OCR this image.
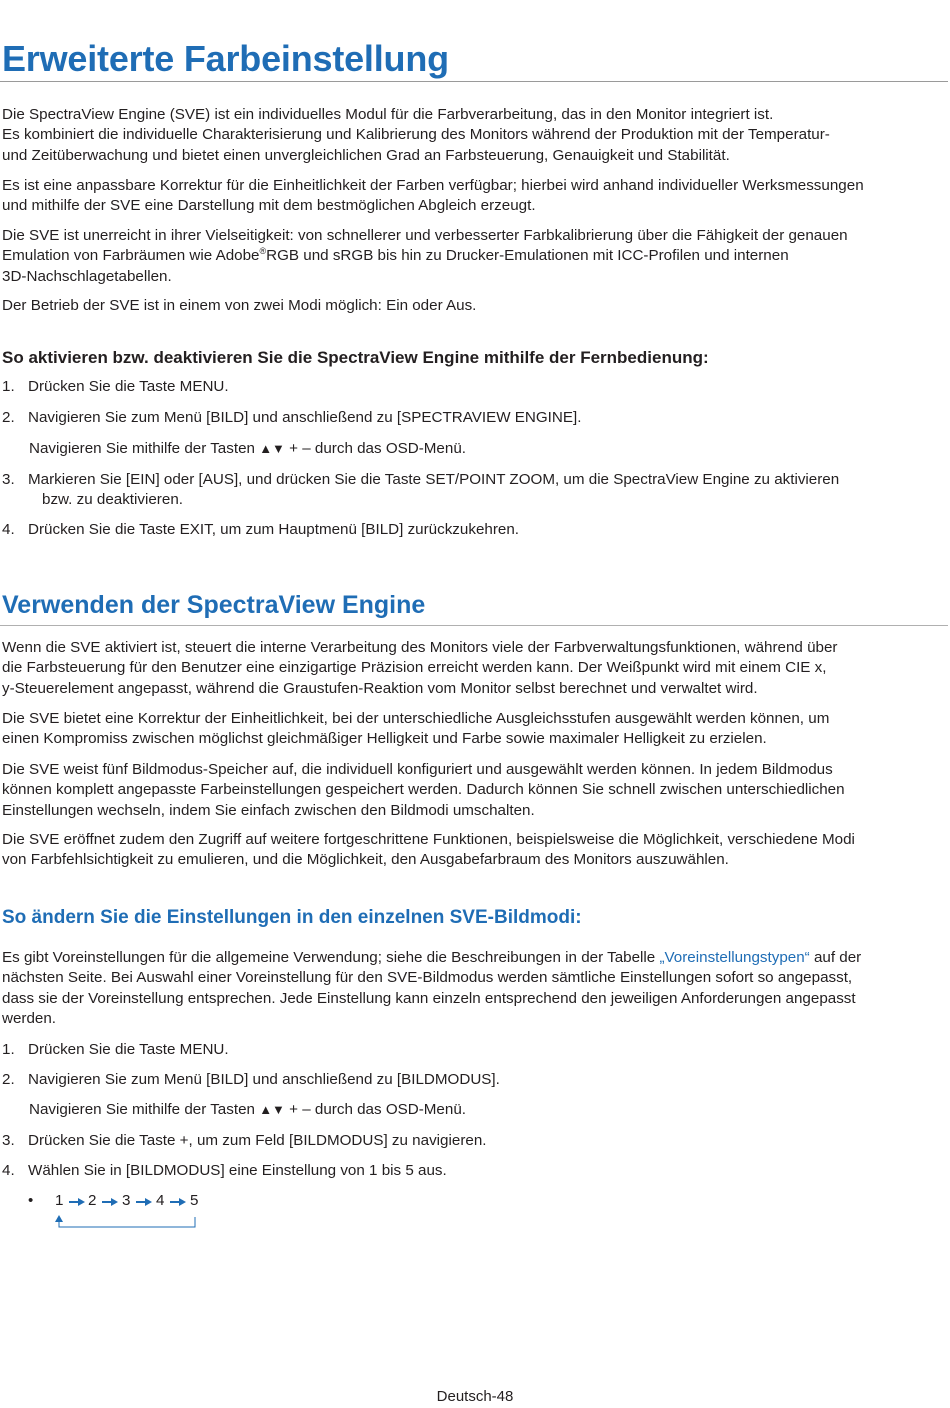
Erweiterte Farbeinstellung

Die SpectraView Engine (SVE) ist ein individuelles Modul für die Farbverarbeitung, das in den Monitor integriert ist.
Es kombiniert die individuelle Charakterisierung und Kalibrierung des Monitors während der Produktion mit der Temperatur-
und Zeitüberwachung und bietet einen unvergleichlichen Grad an Farbsteuerung, Genauigkeit und Stabilität.

Es ist eine anpassbare Korrektur für die Einheitlichkeit der Farben verfügbar; hierbei wird anhand individueller Werksmessungen
und mithilfe der SVE eine Darstellung mit dem bestmöglichen Abgleich erzeugt.

Die SVE ist unerreicht in ihrer Vielseitigkeit: von schnellerer und verbesserter Farbkalibrierung über die Fähigkeit der genauen
Emulation von Farbräumen wie Adobe®RGB und sRGB bis hin zu Drucker-Emulationen mit ICC-Profilen und internen
3D-Nachschlagetabellen.

Der Betrieb der SVE ist in einem von zwei Modi möglich: Ein oder Aus.

So aktivieren bzw. deaktivieren Sie die SpectraView Engine mithilfe der Fernbedienung:
1. Drücken Sie die Taste MENU.
2. Navigieren Sie zum Menü [BILD] und anschließend zu [SPECTRAVIEW ENGINE].

Navigieren Sie mithilfe der Tasten ▲▼ + – durch das OSD-Menü.

3. Markieren Sie [EIN] oder [AUS], und drücken Sie die Taste SET/POINT ZOOM, um die SpectraView Engine zu aktivieren
bzw. zu deaktivieren.
4. Drücken Sie die Taste EXIT, um zum Hauptmenü [BILD] zurückzukehren.
Verwenden der SpectraView Engine

Wenn die SVE aktiviert ist, steuert die interne Verarbeitung des Monitors viele der Farbverwaltungsfunktionen, während über
die Farbsteuerung für den Benutzer eine einzigartige Präzision erreicht werden kann. Der Weißpunkt wird mit einem CIE x,
y-Steuerelement angepasst, während die Graustufen-Reaktion vom Monitor selbst berechnet und verwaltet wird.

Die SVE bietet eine Korrektur der Einheitlichkeit, bei der unterschiedliche Ausgleichsstufen ausgewählt werden können, um
einen Kompromiss zwischen möglichst gleichmäßiger Helligkeit und Farbe sowie maximaler Helligkeit zu erzielen.

Die SVE weist fünf Bildmodus-Speicher auf, die individuell konfiguriert und ausgewählt werden können. In jedem Bildmodus
können komplett angepasste Farbeinstellungen gespeichert werden. Dadurch können Sie schnell zwischen unterschiedlichen
Einstellungen wechseln, indem Sie einfach zwischen den Bildmodi umschalten.

Die SVE eröffnet zudem den Zugriff auf weitere fortgeschrittene Funktionen, beispielsweise die Möglichkeit, verschiedene Modi
von Farbfehlsichtigkeit zu emulieren, und die Möglichkeit, den Ausgabefarbraum des Monitors auszuwählen.

So ändern Sie die Einstellungen in den einzelnen SVE-Bildmodi:

Es gibt Voreinstellungen für die allgemeine Verwendung; siehe die Beschreibungen in der Tabelle „Voreinstellungstypen“ auf der
nächsten Seite. Bei Auswahl einer Voreinstellung für den SVE-Bildmodus werden sämtliche Einstellungen sofort so angepasst,
dass sie der Voreinstellung entsprechen. Jede Einstellung kann einzeln entsprechend den jeweiligen Anforderungen angepasst
werden.

1. Drücken Sie die Taste MENU.
2. Navigieren Sie zum Menü [BILD] und anschließend zu [BILDMODUS].

Navigieren Sie mithilfe der Tasten ▲▼ + – durch das OSD-Menü.

3. Drücken Sie die Taste +, um zum Feld [BILDMODUS] zu navigieren.
4. Wählen Sie in [BILDMODUS] eine Einstellung von 1 bis 5 aus.
• 1 2 3 4 5
Deutsch-48
